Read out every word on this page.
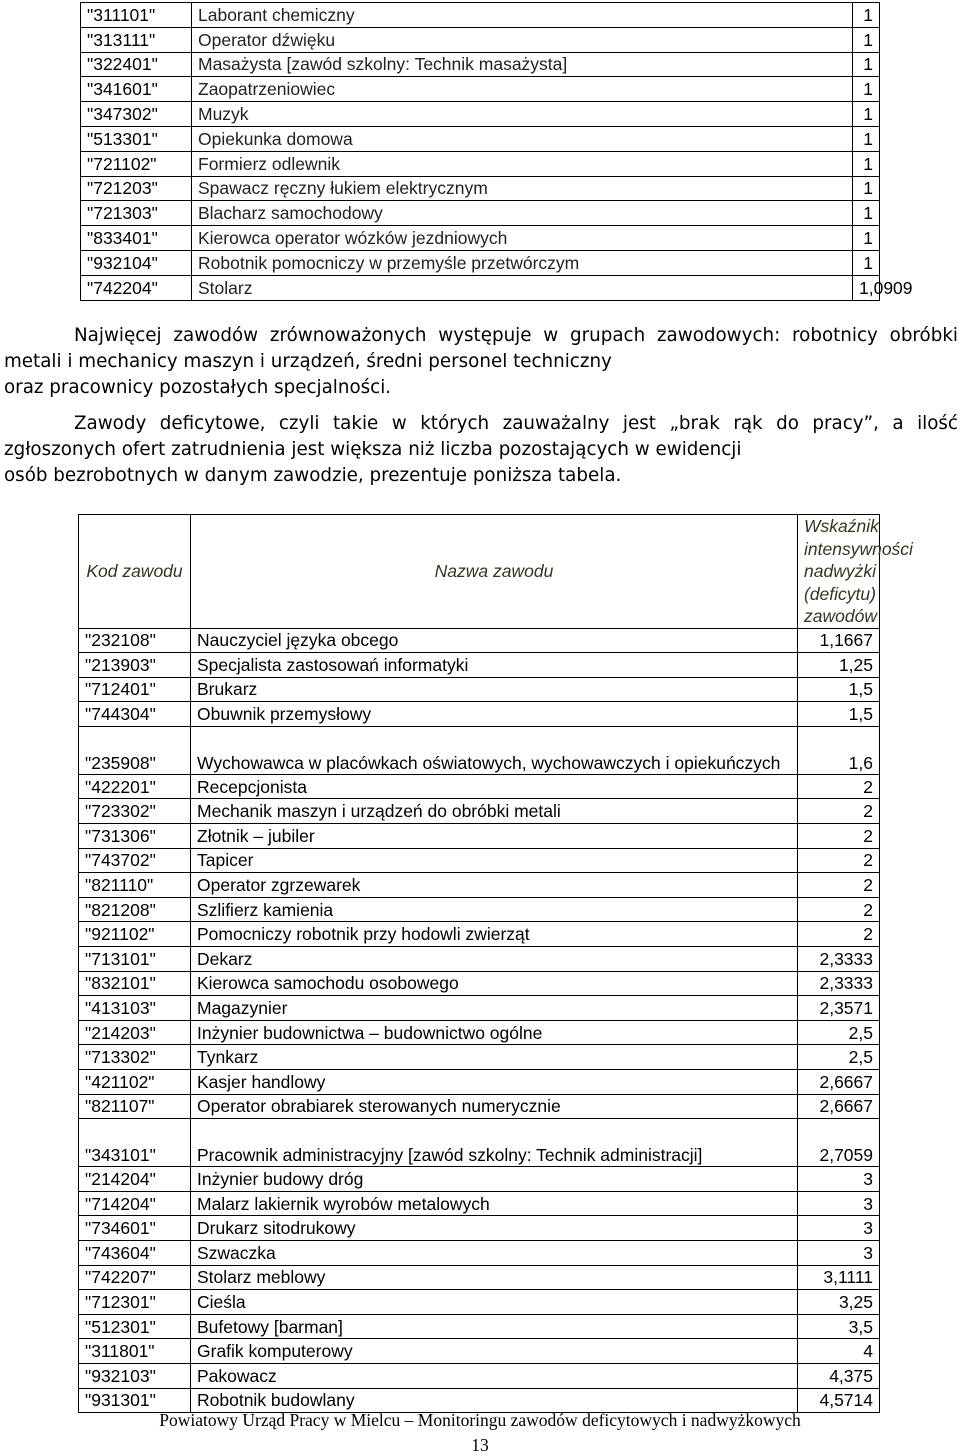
"311101"	Laborant chemiczny	1
"313111"	Operator dźwięku	1
"322401"	Masażysta [zawód szkolny: Technik masażysta]	1
"341601"	Zaopatrzeniowiec	1
"347302"	Muzyk	1
"513301"	Opiekunka domowa	1
"721102"	Formierz odlewnik	1
"721203"	Spawacz ręczny łukiem elektrycznym	1
"721303"	Blacharz samochodowy	1
"833401"	Kierowca operator wózków jezdniowych	1
"932104"	Robotnik pomocniczy w przemyśle przetwórczym	1
"742204"	Stolarz	1,0909
Najwięcej zawodów zrównoważonych występuje w grupach zawodowych: robotnicy obróbki metali i mechanicy maszyn i urządzeń, średni personel techniczny
oraz pracownicy pozostałych specjalności.
Zawody deficytowe, czyli takie w których zauważalny jest „brak rąk do pracy”, a ilość zgłoszonych ofert zatrudnienia jest większa niż liczba pozostających w ewidencji
osób bezrobotnych w danym zawodzie, prezentuje poniższa tabela.
Kod zawodu	Nazwa zawodu	Wskaźnik intensywności nadwyżki (deficytu) zawodów
"232108"	Nauczyciel języka obcego	1,1667
"213903"	Specjalista zastosowań informatyki	1,25
"712401"	Brukarz	1,5
"744304"	Obuwnik przemysłowy	1,5
"235908"	Wychowawca w placówkach oświatowych, wychowawczych i opiekuńczych	1,6
"422201"	Recepcjonista	2
"723302"	Mechanik maszyn i urządzeń do obróbki metali	2
"731306"	Złotnik – jubiler	2
"743702"	Tapicer	2
"821110"	Operator zgrzewarek	2
"821208"	Szlifierz kamienia	2
"921102"	Pomocniczy robotnik przy hodowli zwierząt	2
"713101"	Dekarz	2,3333
"832101"	Kierowca samochodu osobowego	2,3333
"413103"	Magazynier	2,3571
"214203"	Inżynier budownictwa – budownictwo ogólne	2,5
"713302"	Tynkarz	2,5
"421102"	Kasjer handlowy	2,6667
"821107"	Operator obrabiarek sterowanych numerycznie	2,6667
"343101"	Pracownik administracyjny [zawód szkolny: Technik administracji]	2,7059
"214204"	Inżynier budowy dróg	3
"714204"	Malarz lakiernik wyrobów metalowych	3
"734601"	Drukarz sitodrukowy	3
"743604"	Szwaczka	3
"742207"	Stolarz meblowy	3,1111
"712301"	Cieśla	3,25
"512301"	Bufetowy [barman]	3,5
"311801"	Grafik komputerowy	4
"932103"	Pakowacz	4,375
"931301"	Robotnik budowlany	4,5714
Powiatowy Urząd Pracy w Mielcu – Monitoringu zawodów deficytowych i nadwyżkowych
13
